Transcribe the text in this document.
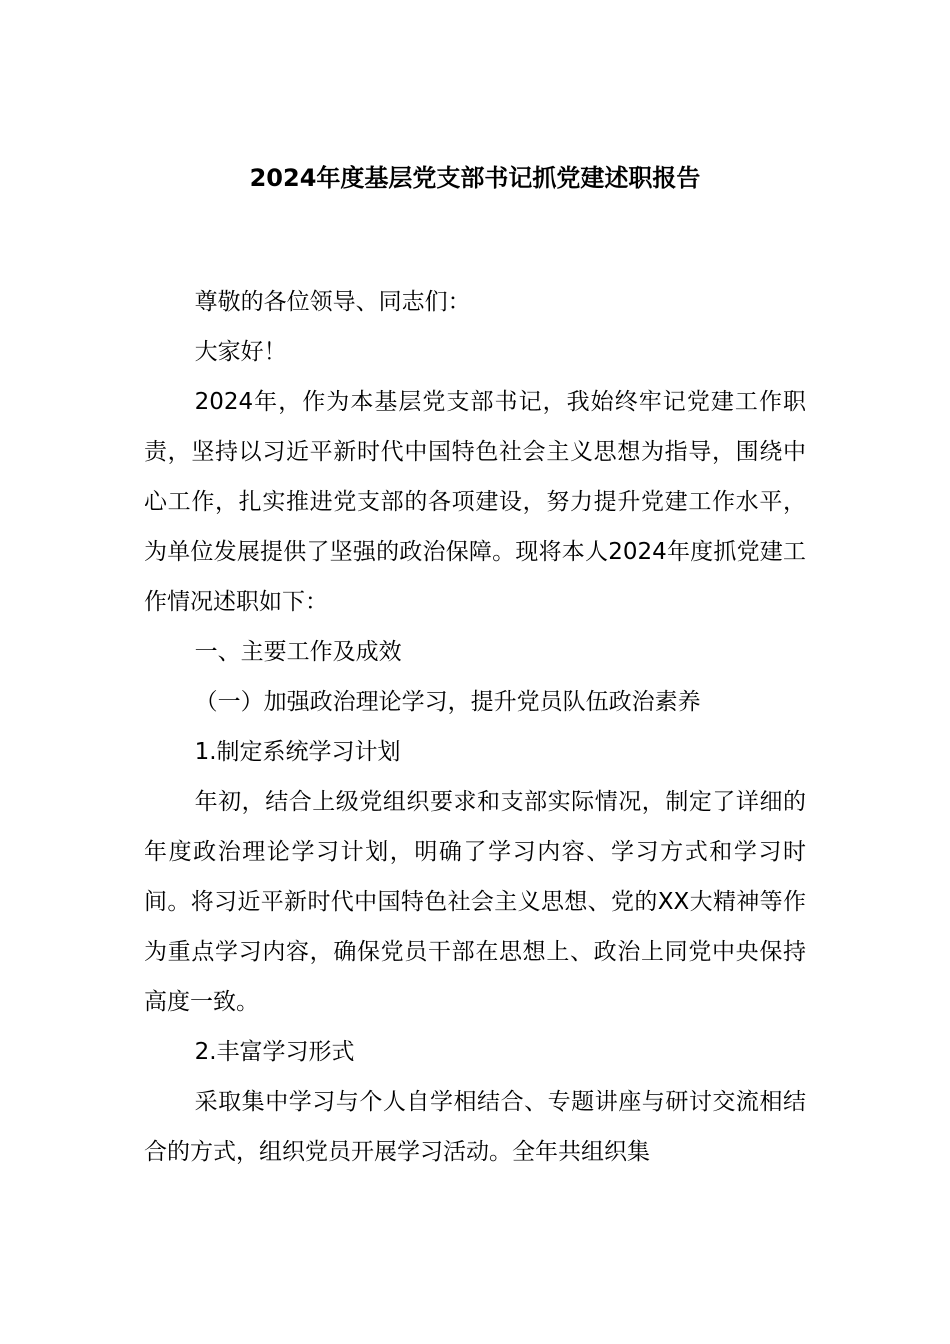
2024年度基层党支部书记抓党建述职报告

尊敬的各位领导、同志们：

大家好！

2024年，作为本基层党支部书记，我始终牢记党建工作职责，坚持以习近平新时代中国特色社会主义思想为指导，围绕中心工作，扎实推进党支部的各项建设，努力提升党建工作水平，为单位发展提供了坚强的政治保障。现将本人2024年度抓党建工作情况述职如下：

一、主要工作及成效

（一）加强政治理论学习，提升党员队伍政治素养

1.制定系统学习计划

年初，结合上级党组织要求和支部实际情况，制定了详细的年度政治理论学习计划，明确了学习内容、学习方式和学习时间。将习近平新时代中国特色社会主义思想、党的XX大精神等作为重点学习内容，确保党员干部在思想上、政治上同党中央保持高度一致。

2.丰富学习形式

采取集中学习与个人自学相结合、专题讲座与研讨交流相结合的方式，组织党员开展学习活动。全年共组织集
